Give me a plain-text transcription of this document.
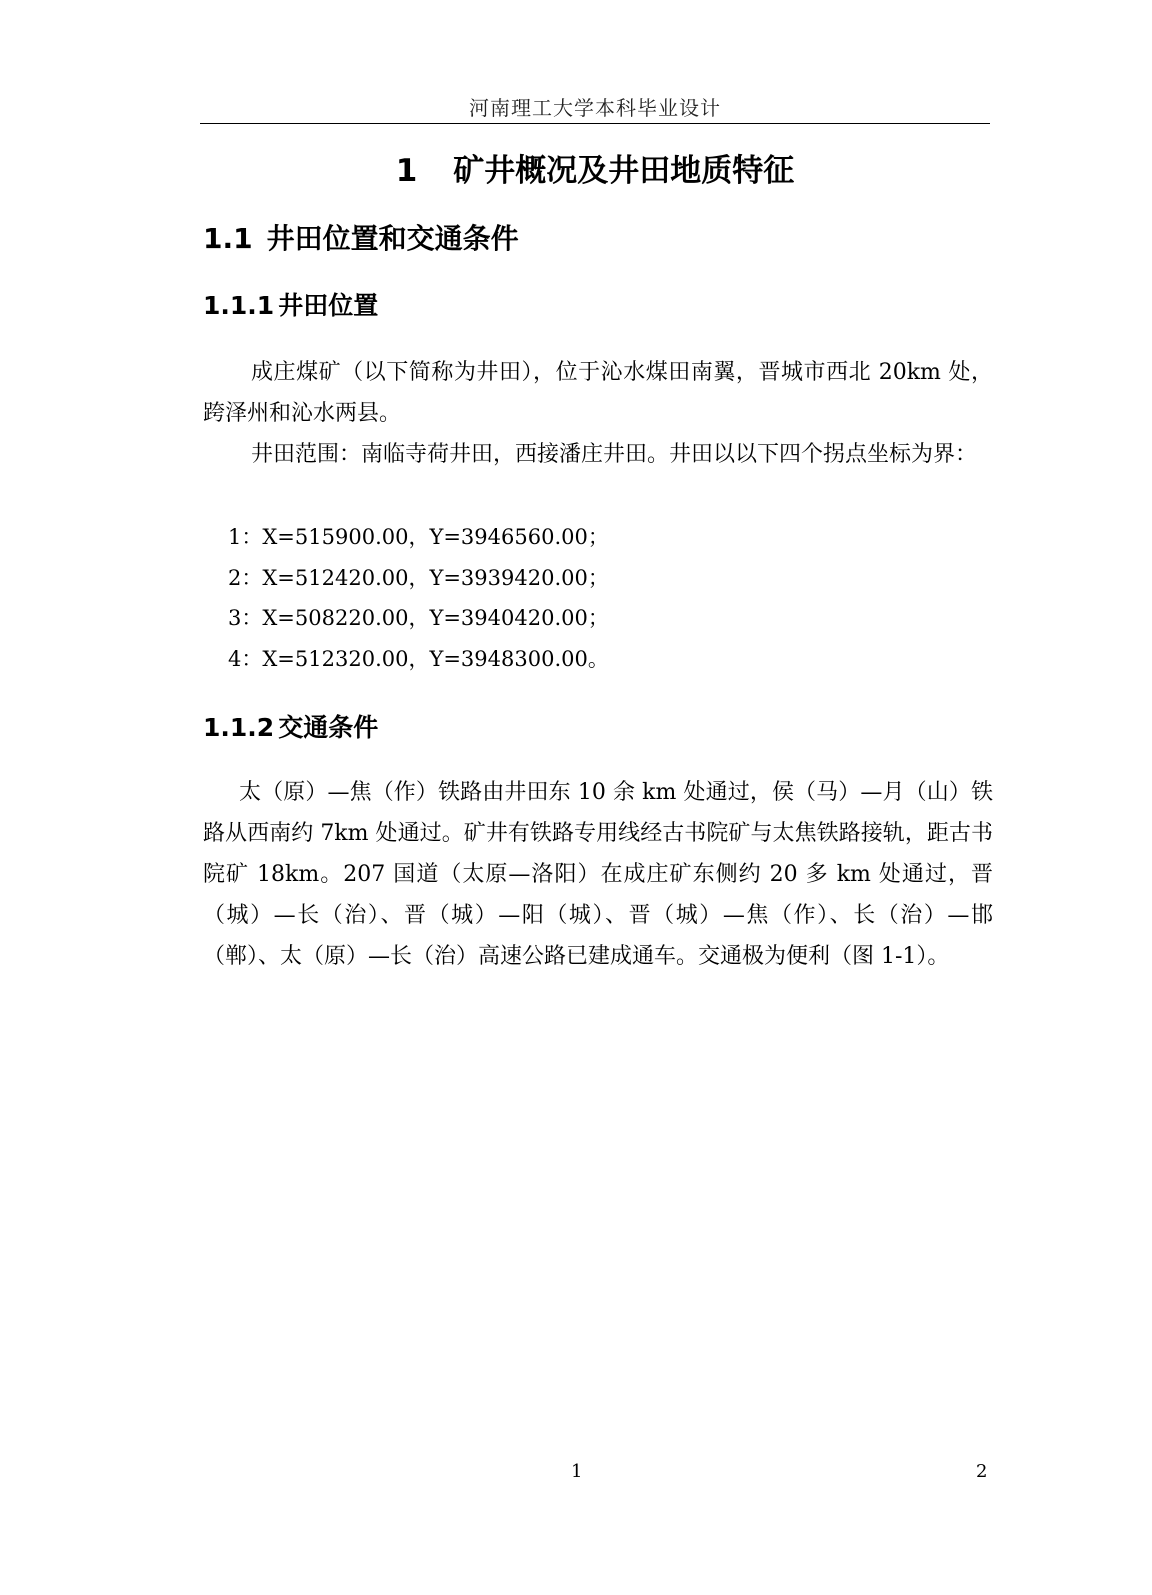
河南理工大学本科毕业设计
1 矿井概况及井田地质特征
1.1 井田位置和交通条件
1.1.1 井田位置

成庄煤矿（以下简称为井田），位于沁水煤田南翼，晋城市西北 20km 处，跨泽州和沁水两县。

井田范围：南临寺荷井田，西接潘庄井田。井田以以下四个拐点坐标为界：

1：X=515900.00，Y=3946560.00；
2：X=512420.00，Y=3939420.00；
3：X=508220.00，Y=3940420.00；
4：X=512320.00，Y=3948300.00。
1.1.2 交通条件

太（原）—焦（作）铁路由井田东 10 余 km 处通过，侯（马）—月（山）铁路从西南约 7km 处通过。矿井有铁路专用线经古书院矿与太焦铁路接轨，距古书院矿 18km。207 国道（太原—洛阳）在成庄矿东侧约 20 多 km 处通过，晋（城）—长（治）、晋（城）—阳（城）、晋（城）—焦（作）、长（治）—邯（郸）、太（原）—长（治）高速公路已建成通车。交通极为便利（图 1-1）。

1	2
